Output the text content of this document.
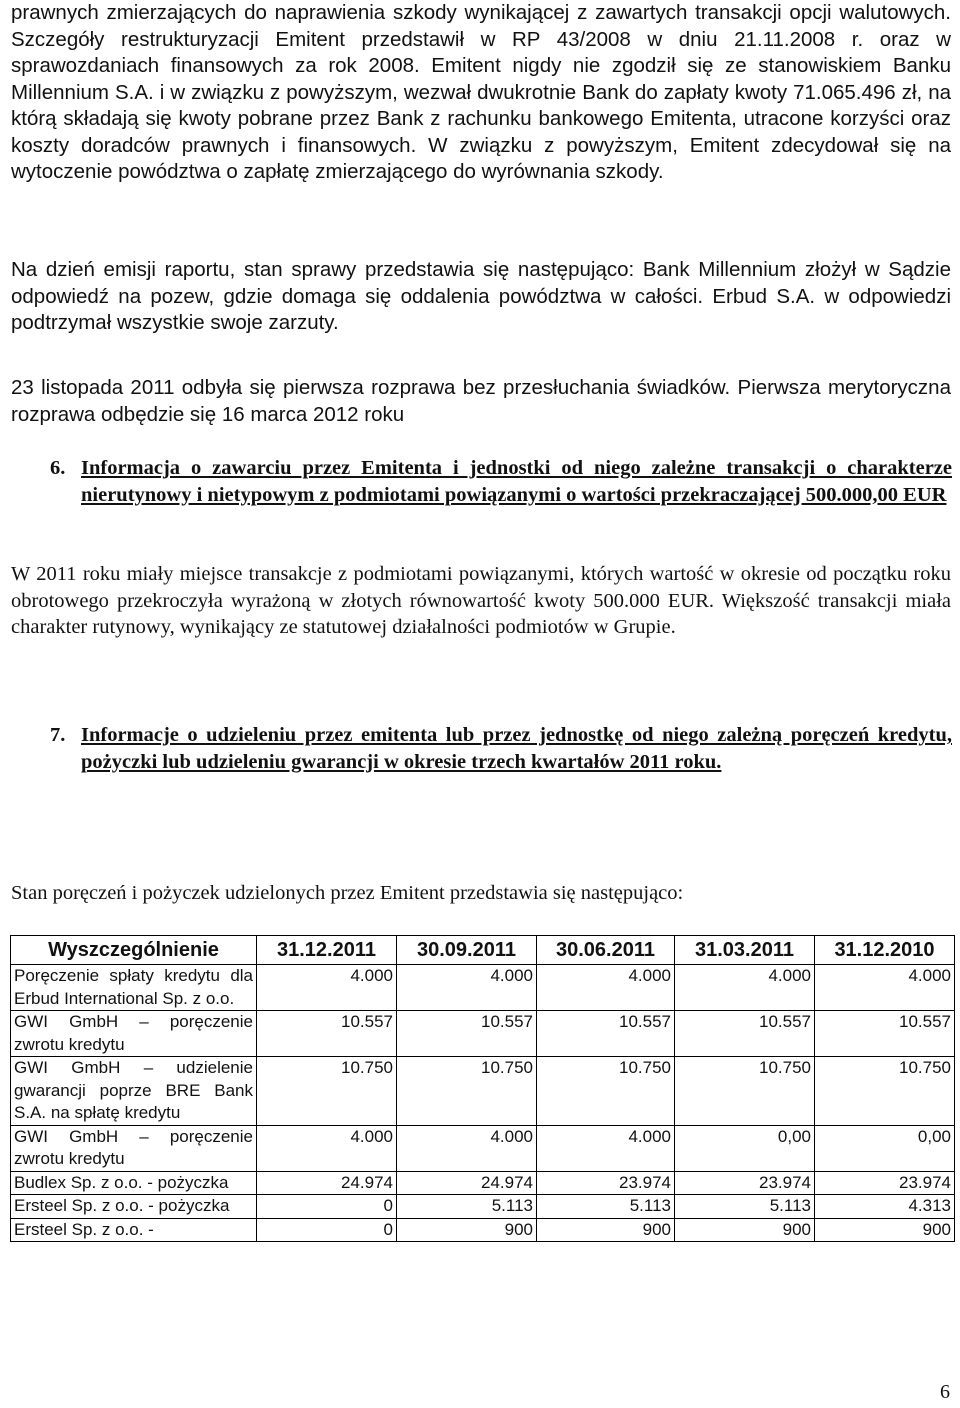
prawnych zmierzających do naprawienia szkody wynikającej z zawartych transakcji opcji walutowych. Szczegóły restrukturyzacji Emitent przedstawił w RP 43/2008 w dniu 21.11.2008 r. oraz w sprawozdaniach finansowych za rok 2008. Emitent nigdy nie zgodził się ze stanowiskiem Banku Millennium S.A. i w związku z powyższym, wezwał dwukrotnie Bank do zapłaty kwoty 71.065.496 zł, na którą składają się kwoty pobrane przez Bank z rachunku bankowego Emitenta, utracone korzyści oraz koszty doradców prawnych i finansowych. W związku z powyższym, Emitent zdecydował się na wytoczenie powództwa o zapłatę zmierzającego do wyrównania szkody.

Na dzień emisji raportu, stan sprawy przedstawia się następująco: Bank Millennium złożył w Sądzie odpowiedź na pozew, gdzie domaga się oddalenia powództwa w całości. Erbud S.A. w odpowiedzi podtrzymał wszystkie swoje zarzuty.

23 listopada 2011 odbyła się pierwsza rozprawa bez przesłuchania świadków. Pierwsza merytoryczna rozprawa odbędzie się 16 marca 2012 roku

6. Informacja o zawarciu przez Emitenta i jednostki od niego zależne transakcji o charakterze nierutynowy i nietypowym z podmiotami powiązanymi o wartości przekraczającej 500.000,00 EUR

W 2011 roku miały miejsce transakcje z podmiotami powiązanymi, których wartość w okresie od początku roku obrotowego przekroczyła wyrażoną w złotych równowartość kwoty 500.000 EUR. Większość transakcji miała charakter rutynowy, wynikający ze statutowej działalności podmiotów w Grupie.

7. Informacje o udzieleniu przez emitenta lub przez jednostkę od niego zależną poręczeń kredytu, pożyczki lub udzieleniu gwarancji w okresie trzech kwartałów 2011 roku.

Stan poręczeń i pożyczek udzielonych przez Emitent przedstawia się następująco:

Wyszczególnienie	31.12.2011	30.09.2011	30.06.2011	31.03.2011	31.12.2010
Poręczenie spłaty kredytu dla Erbud International Sp. z o.o.	4.000	4.000	4.000	4.000	4.000
GWI GmbH – poręczenie zwrotu kredytu	10.557	10.557	10.557	10.557	10.557
GWI GmbH – udzielenie gwarancji poprze BRE Bank S.A. na spłatę kredytu	10.750	10.750	10.750	10.750	10.750
GWI GmbH – poręczenie zwrotu kredytu	4.000	4.000	4.000	0,00	0,00
Budlex Sp. z o.o. - pożyczka	24.974	24.974	23.974	23.974	23.974
Ersteel Sp. z o.o. - pożyczka	0	5.113	5.113	5.113	4.313
Ersteel Sp. z o.o. -	0	900	900	900	900
6
